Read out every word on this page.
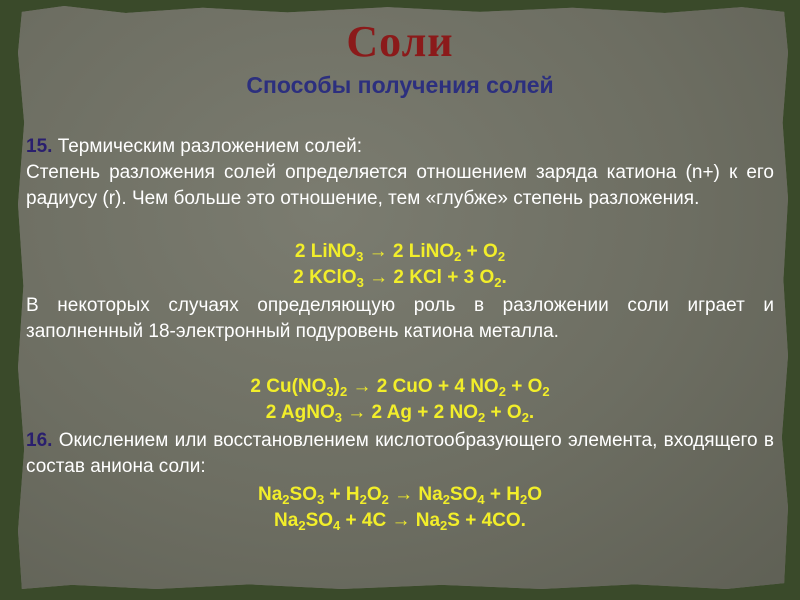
Соли
Способы получения солей
15. Термическим разложением солей:
Степень разложения солей определяется отношением заряда катиона (n+) к его радиусу (r). Чем больше это отношение, тем «глубже» степень разложения.
2 LiNO$_3$ → 2 LiNO$_2$ + $O_2$
2 KClO$_3$ → 2 KCl + 3 $O_2$.
В некоторых случаях определяющую роль в разложении соли играет и заполненный 18-электронный подуровень катиона металла.
2 $Cu(NO_3)_2 \to 2$ CuO + 4 $NO_2 + O_2$
2 AgNO$_3$ → 2 Ag + 2 $NO_2 + O_2$.
16. Окислением или восстановлением кислотообразующего элемента, входящего в состав аниона соли:
$Na_2SO_3 + H_2O_2 \to Na_2SO_4 + H_2O$
$Na_2SO_4 + 4C \to Na_2S + 4CO$.
